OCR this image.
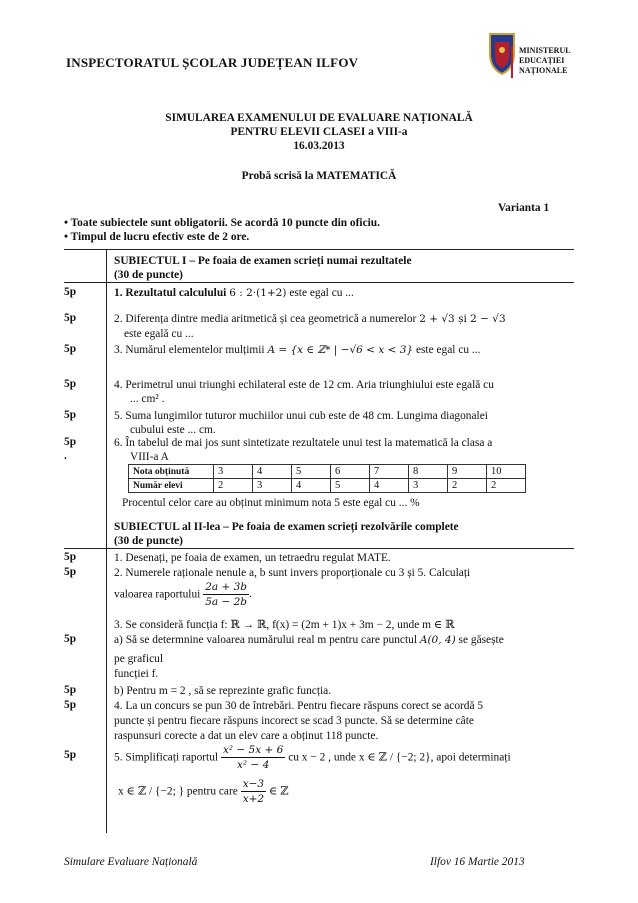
INSPECTORATUL ȘCOLAR JUDEȚEAN ILFOV
MINISTERUL
EDUCAȚIEI
NAȚIONALE
SIMULAREA EXAMENULUI DE EVALUARE NAȚIONALĂ
PENTRU ELEVII CLASEI a VIII-a
16.03.2013
Probă scrisă la MATEMATICĂ
Varianta 1
• Toate subiectele sunt obligatorii. Se acordă 10 puncte din oficiu.
• Timpul de lucru efectiv este de 2 ore.
SUBIECTUL I – Pe foaia de examen scrieți numai rezultatele
(30 de puncte)
5p
5p
5p
5p
5p
5p
.
1. Rezultatul calculului 6 : 2·(1+2) este egal cu ...
2. Diferența dintre media aritmetică și cea geometrică a numerelor 2 + √3 și 2 − √3
este egală cu ...
3. Numărul elementelor mulțimii A = {x ∈ ℤ* | −√6 < x < 3} este egal cu ...
4. Perimetrul unui triunghi echilateral este de 12 cm. Aria triunghiului este egală cu
... cm² .
5. Suma lungimilor tuturor muchiilor unui cub este de 48 cm. Lungima diagonalei
cubului este ... cm.
6. În tabelul de mai jos sunt sintetizate rezultatele unui test la matematică la clasa a
VIII-a A
Nota obținută	3	4	5	6	7	8	9	10
Număr elevi	2	3	4	5	4	3	2	2
Procentul celor care au obținut minimum nota 5 este egal cu ... %
SUBIECTUL al II-lea – Pe foaia de examen scrieți rezolvările complete
(30 de puncte)
5p
5p
5p
5p
5p
5p
1. Desenați, pe foaia de examen, un tetraedru regulat MATE.
2. Numerele raționale nenule a, b sunt invers proporționale cu 3 și 5. Calculați
valoarea raportului $\frac{2a + 3b}{5a - 2b}$ .
3. Se consideră funcția f: ℝ → ℝ, f(x) = (2m + 1)x + 3m − 2, unde m ∈ ℝ
a) Să se determnine valoarea numărului real m pentru care punctul A(0, 4) se găsește
pe graficul
funcției f.
b) Pentru m = 2 , să se reprezinte grafic funcția.
4. La un concurs se pun 30 de întrebări. Pentru fiecare răspuns corect se acordă 5
puncte și pentru fiecare răspuns incorect se scad 3 puncte. Să se determine câte
raspunsuri corecte a dat un elev care a obținut 118 puncte.
5. Simplificați raportul $\frac{\text{x² − 5x + 6}}{\text{x² − 4}}$ cu x − 2 , unde x ∈ ℤ / {−2; 2}, apoi determinați
x ∈ ℤ / {−2; } pentru care $\frac{x-3}{x+2}$ ∈ ℤ
Simulare Evaluare Națională	Ilfov 16 Martie 2013
